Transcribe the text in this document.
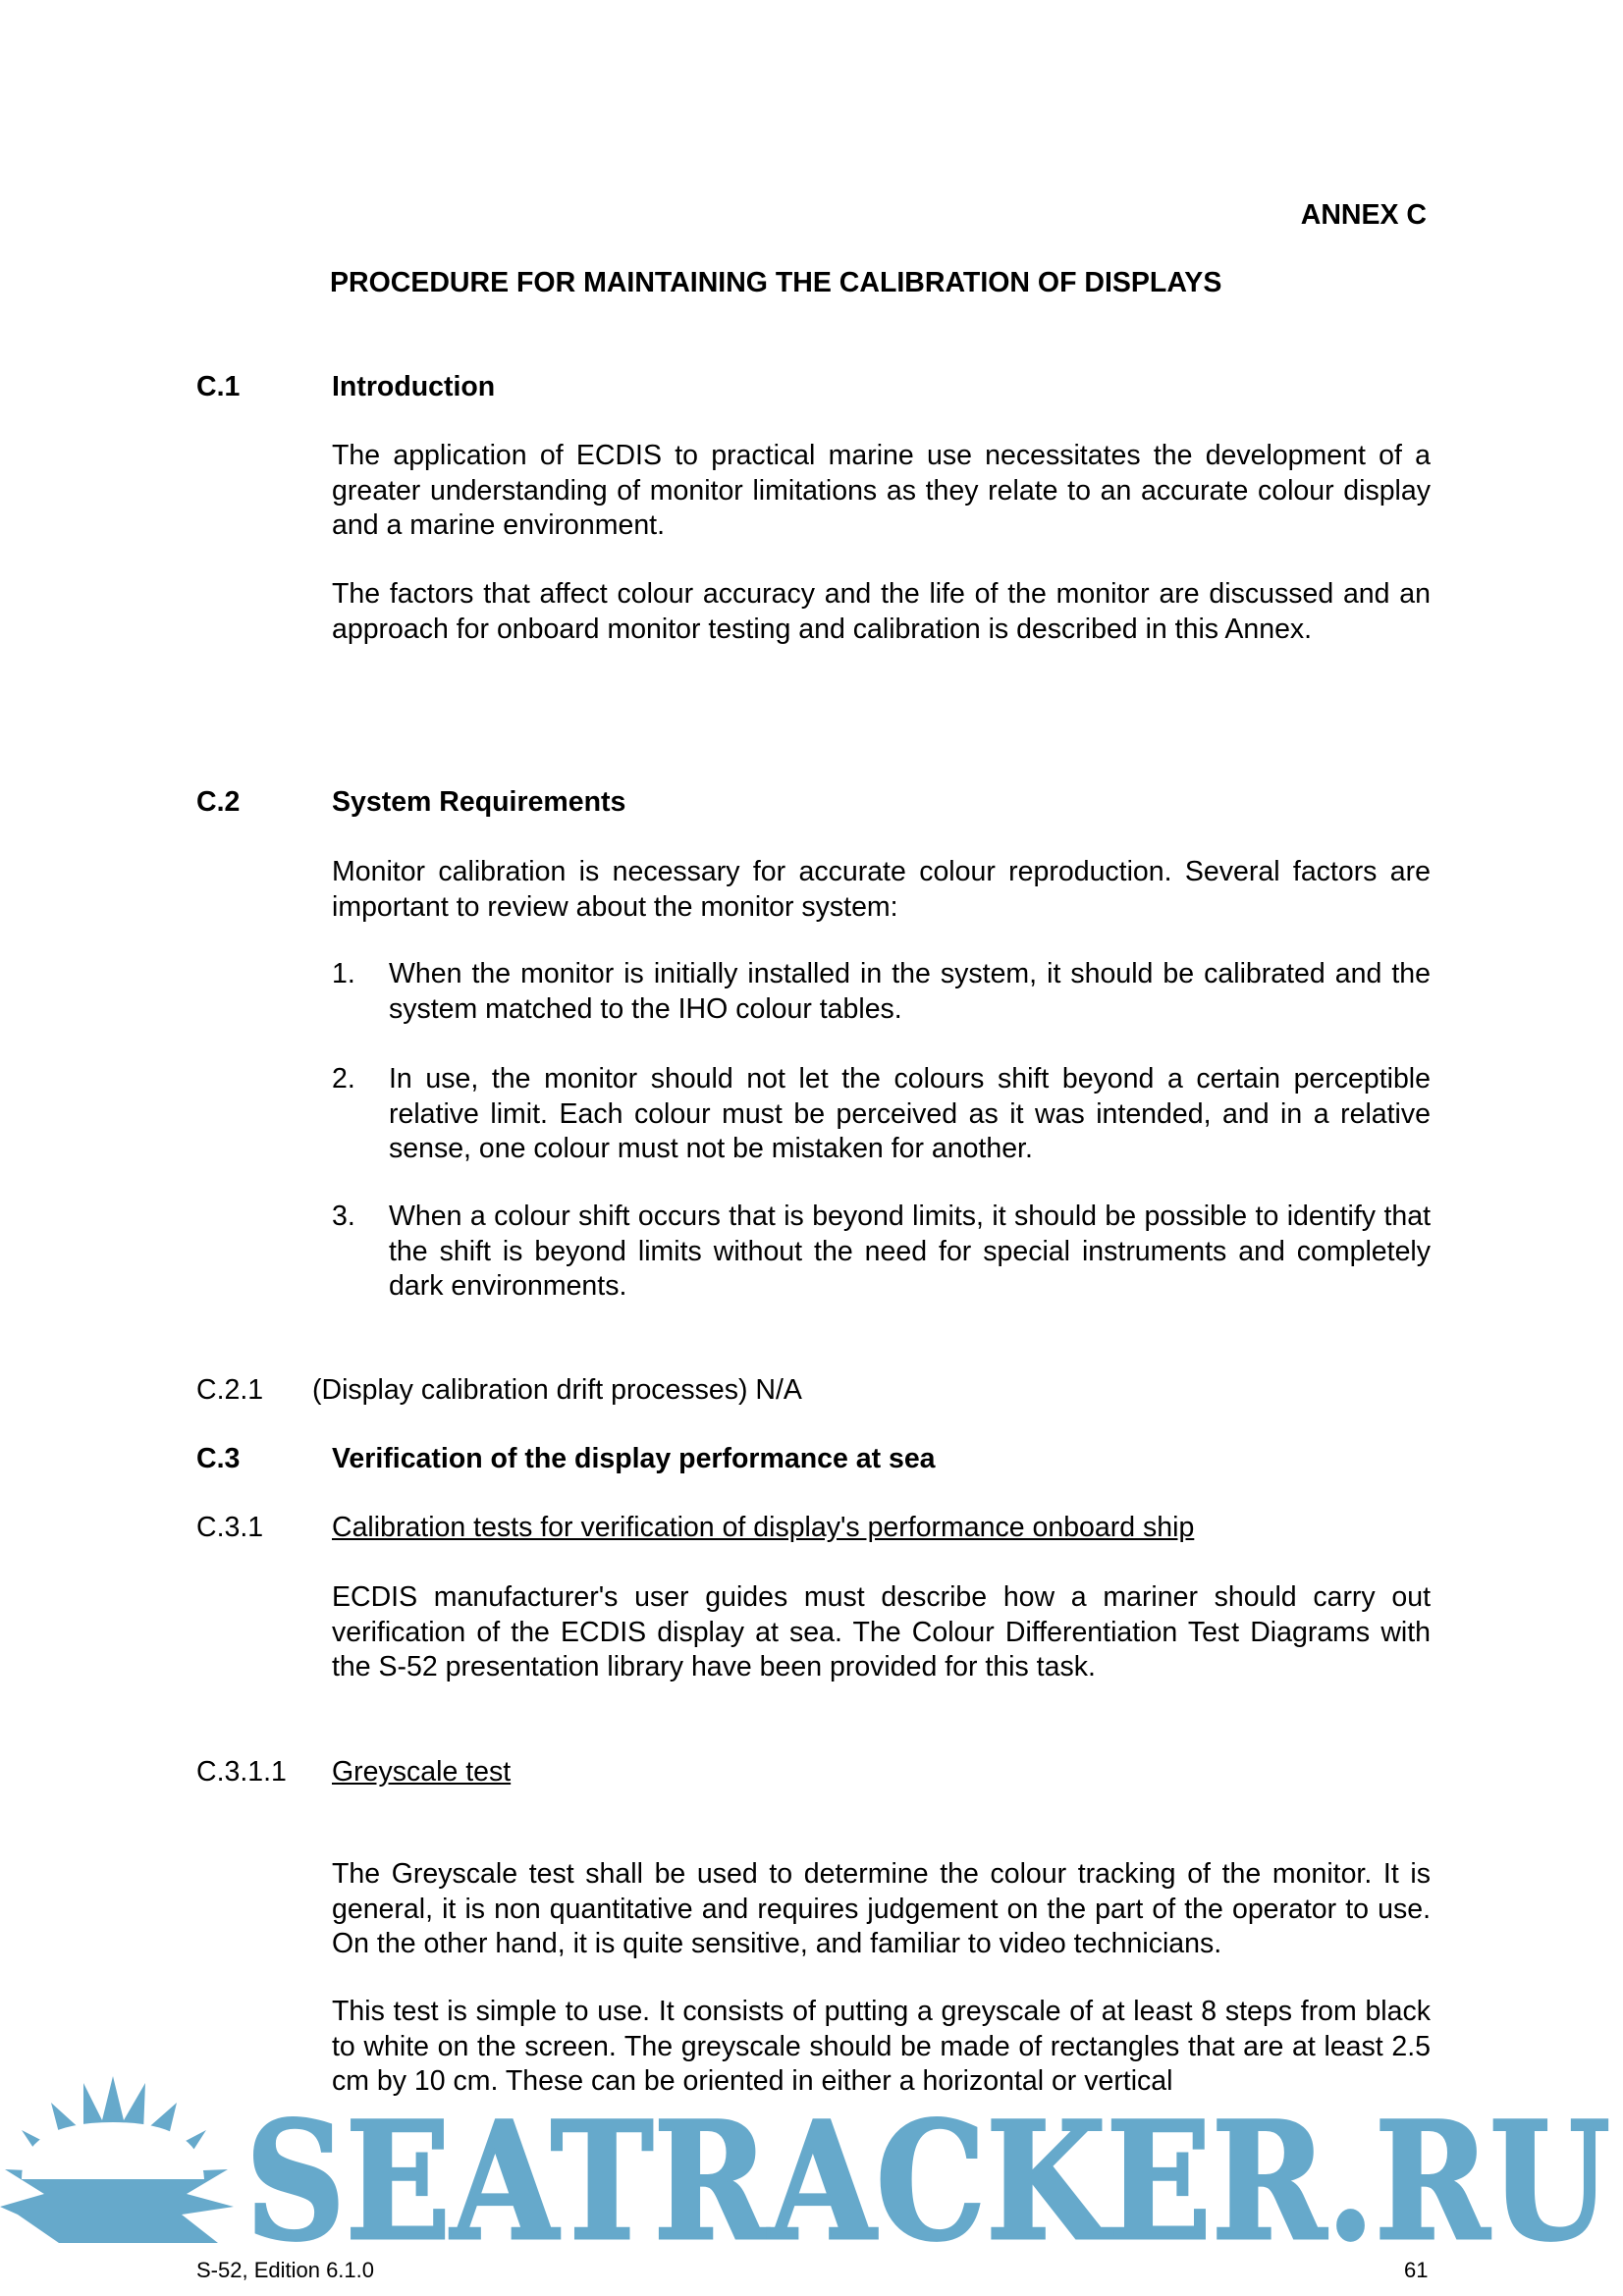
ANNEX C
PROCEDURE FOR MAINTAINING THE CALIBRATION OF DISPLAYS
C.1	Introduction
The application of ECDIS to practical marine use necessitates the development of a greater understanding of monitor limitations as they relate to an accurate colour display and a marine environment.
The factors that affect colour accuracy and the life of the monitor are discussed and an approach for onboard monitor testing and calibration is described in this Annex.
C.2	System Requirements
Monitor calibration is necessary for accurate colour reproduction. Several factors are important to review about the monitor system:
1. When the monitor is initially installed in the system, it should be calibrated and the system matched to the IHO colour tables.
2. In use, the monitor should not let the colours shift beyond a certain perceptible relative limit. Each colour must be perceived as it was intended, and in a relative sense, one colour must not be mistaken for another.
3. When a colour shift occurs that is beyond limits, it should be possible to identify that the shift is beyond limits without the need for special instruments and completely dark environments.
C.2.1 (Display calibration drift processes) N/A
C.3	Verification of the display performance at sea
C.3.1 Calibration tests for verification of display's performance onboard ship
ECDIS manufacturer's user guides must describe how a mariner should carry out verification of the ECDIS display at sea. The Colour Differentiation Test Diagrams with the S-52 presentation library have been provided for this task.
C.3.1.1 Greyscale test
The Greyscale test shall be used to determine the colour tracking of the monitor. It is general, it is non quantitative and requires judgement on the part of the operator to use. On the other hand, it is quite sensitive, and familiar to video technicians.
This test is simple to use. It consists of putting a greyscale of at least 8 steps from black to white on the screen. The greyscale should be made of rectangles that are at least 2.5 cm by 10 cm. These can be oriented in either a horizontal or vertical
SEATRACKER.RU
S-52, Edition 6.1.0	61
